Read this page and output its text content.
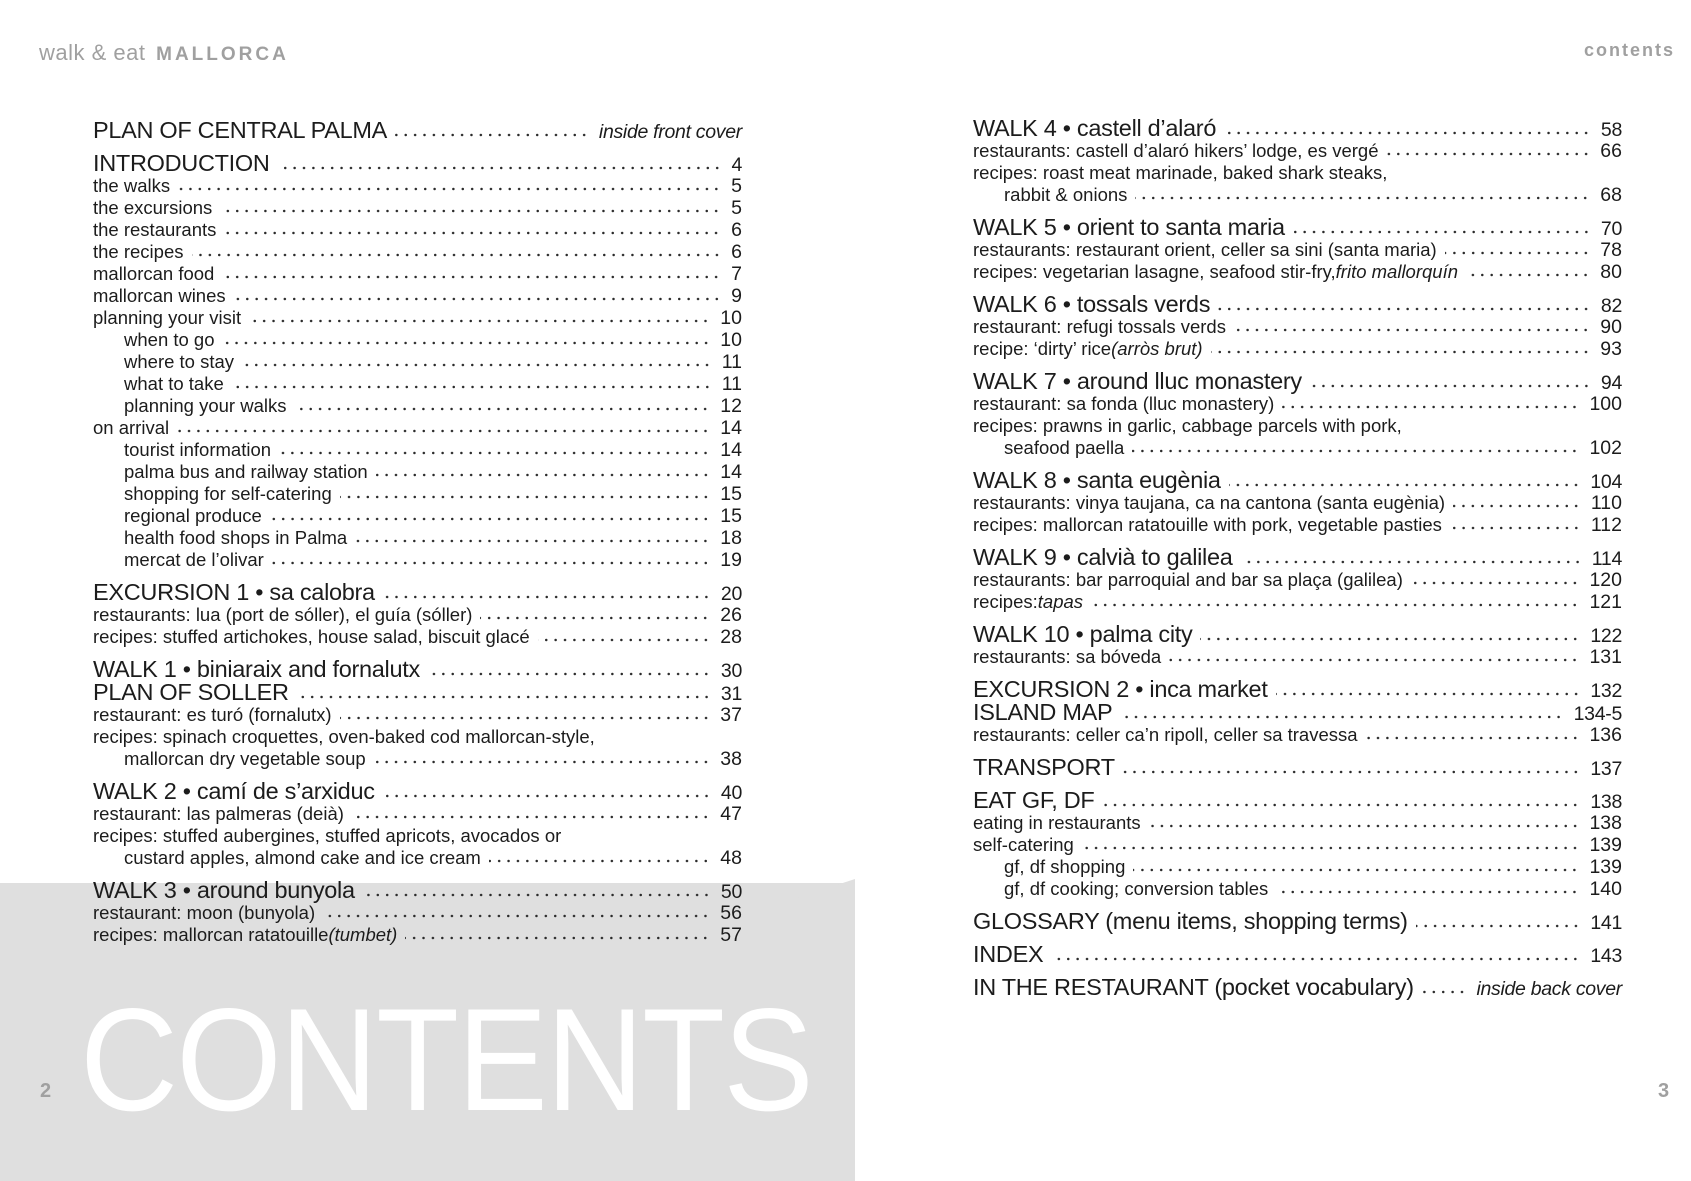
CONTENTS
walk & eat MALLORCA	contents
2	3
PLAN OF CENTRAL PALMA	inside front cover
INTRODUCTION	4
the walks	5
the excursions	5
the restaurants	6
the recipes	6
mallorcan food	7
mallorcan wines	9
planning your visit	10
when to go	10
where to stay	11
what to take	11
planning your walks	12
on arrival	14
tourist information	14
palma bus and railway station	14
shopping for self-catering	15
regional produce	15
health food shops in Palma	18
mercat de l’olivar	19
EXCURSION 1 • sa calobra	20
restaurants: lua (port de sóller), el guía (sóller)	26
recipes: stuffed artichokes, house salad, biscuit glacé	28
WALK 1 • biniaraix and fornalutx	30
PLAN OF SOLLER	31
restaurant: es turó (fornalutx)	37
recipes: spinach croquettes, oven-baked cod mallorcan-style,
mallorcan dry vegetable soup	38
WALK 2 • camí de s’arxiduc	40
restaurant: las palmeras (deià)	47
recipes: stuffed aubergines, stuffed apricots, avocados or
custard apples, almond cake and ice cream	48
WALK 3 • around bunyola	50
restaurant: moon (bunyola)	56
recipes: mallorcan ratatouille (tumbet)	57
WALK 4 • castell d’alaró	58
restaurants: castell d’alaró hikers’ lodge, es vergé	66
recipes: roast meat marinade, baked shark steaks,
rabbit & onions	68
WALK 5 • orient to santa maria	70
restaurants: restaurant orient, celler sa sini (santa maria)	78
recipes: vegetarian lasagne, seafood stir-fry, frito mallorquín	80
WALK 6 • tossals verds	82
restaurant: refugi tossals verds	90
recipe: ‘dirty’ rice (arròs brut)	93
WALK 7 • around lluc monastery	94
restaurant: sa fonda (lluc monastery)	100
recipes: prawns in garlic, cabbage parcels with pork,
seafood paella	102
WALK 8 • santa eugènia	104
restaurants: vinya taujana, ca na cantona (santa eugènia)	110
recipes: mallorcan ratatouille with pork, vegetable pasties	112
WALK 9 • calvià to galilea	114
restaurants: bar parroquial and bar sa plaça (galilea)	120
recipes: tapas	121
WALK 10 • palma city	122
restaurants: sa bóveda	131
EXCURSION 2 • inca market	132
ISLAND MAP	134-5
restaurants: celler ca’n ripoll, celler sa travessa	136
TRANSPORT	137
EAT GF, DF	138
eating in restaurants	138
self-catering	139
gf, df shopping	139
gf, df cooking; conversion tables	140
GLOSSARY (menu items, shopping terms)	141
INDEX	143
IN THE RESTAURANT (pocket vocabulary)	inside back cover
